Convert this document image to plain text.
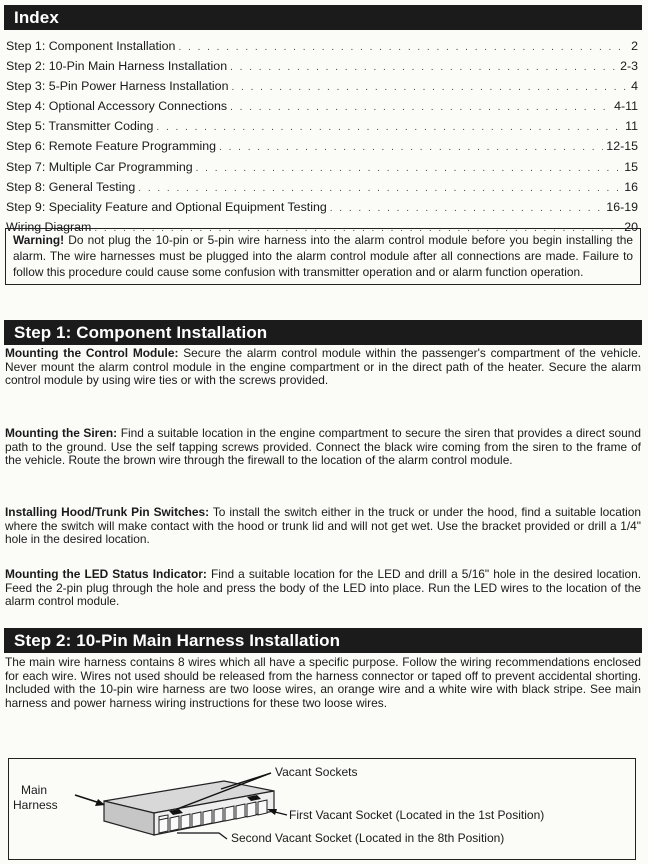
Index
Step 1: Component Installation . . .	2
Step 2: 10-Pin Main Harness Installation . . .	2-3
Step 3: 5-Pin Power Harness Installation . . .	4
Step 4: Optional Accessory Connections . . .	4-11
Step 5: Transmitter Coding . . .	11
Step 6: Remote Feature Programming . . .	12-15
Step 7: Multiple Car Programming . . .	15
Step 8: General Testing . . .	16
Step 9: Speciality Feature and Optional Equipment Testing . . .	16-19
Wiring Diagram . . .	20
Warning! Do not plug the 10-pin or 5-pin wire harness into the alarm control module before you begin installing the alarm. The wire harnesses must be plugged into the alarm control module after all connections are made. Failure to follow this procedure could cause some confusion with transmitter operation and or alarm function operation.
Step 1: Component Installation

Mounting the Control Module: Secure the alarm control module within the passenger's compartment of the vehicle. Never mount the alarm control module in the engine compartment or in the direct path of the heater. Secure the alarm control module by using wire ties or with the screws provided.

Mounting the Siren: Find a suitable location in the engine compartment to secure the siren that provides a direct sound path to the ground. Use the self tapping screws provided. Connect the black wire coming from the siren to the frame of the vehicle. Route the brown wire through the firewall to the location of the alarm control module.

Installing Hood/Trunk Pin Switches: To install the switch either in the truck or under the hood, find a suitable location where the switch will make contact with the hood or trunk lid and will not get wet. Use the bracket provided or drill a 1/4" hole in the desired location.

Mounting the LED Status Indicator: Find a suitable location for the LED and drill a 5/16" hole in the desired location. Feed the 2-pin plug through the hole and press the body of the LED into place. Run the LED wires to the location of the alarm control module.

Step 2: 10-Pin Main Harness Installation

The main wire harness contains 8 wires which all have a specific purpose. Follow the wiring recommendations enclosed for each wire. Wires not used should be released from the harness connector or taped off to prevent accidental shorting. Included with the 10-pin wire harness are two loose wires, an orange wire and a white wire with black stripe. See main harness and power harness wiring instructions for these two loose wires.

Main
Harness
Vacant Sockets
First Vacant Socket (Located in the 1st Position)
Second Vacant Socket (Located in the 8th Position)
